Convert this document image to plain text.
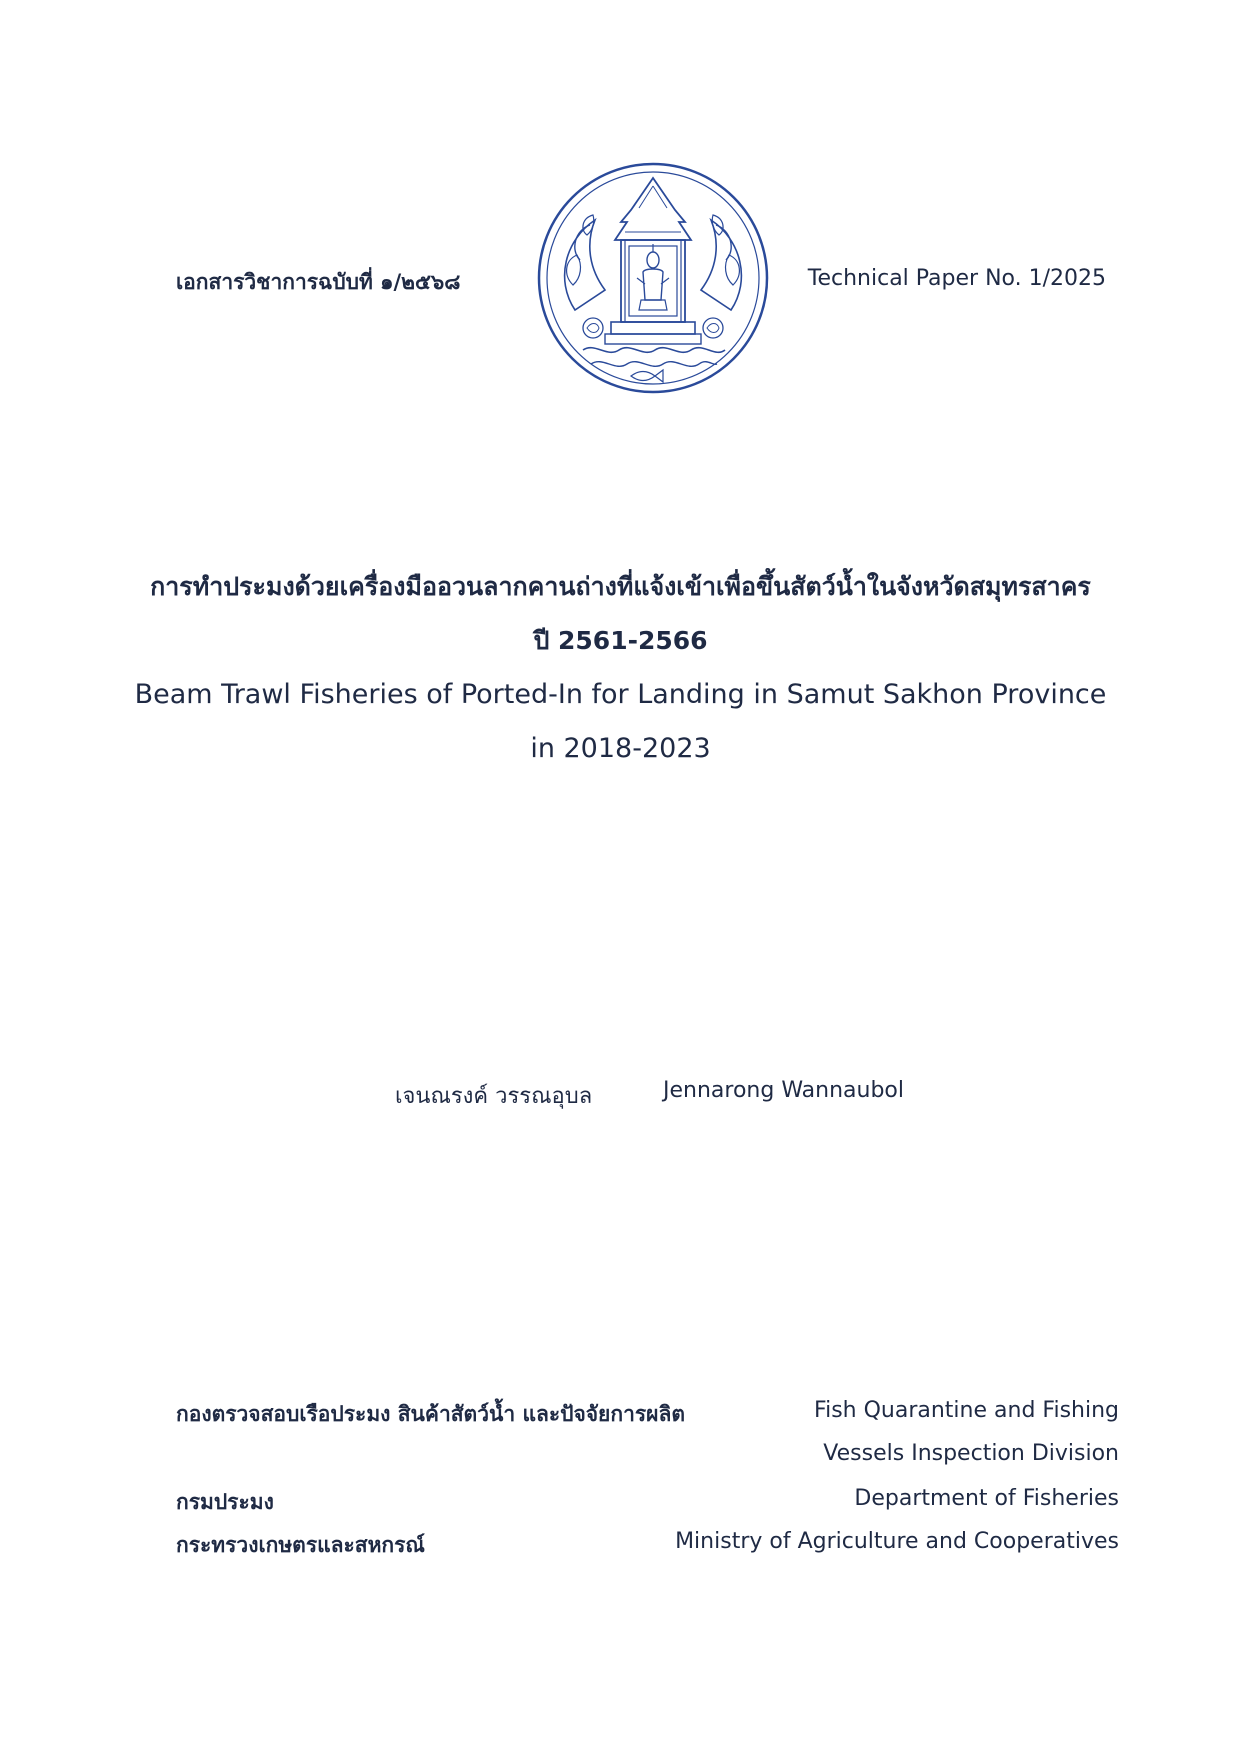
เอกสารวิชาการฉบับที่ ๑/๒๕๖๘	Technical Paper No. 1/2025
การทำประมงด้วยเครื่องมืออวนลากคานถ่างที่แจ้งเข้าเพื่อขึ้นสัตว์น้ำในจังหวัดสมุทรสาคร
ปี 2561-2566
Beam Trawl Fisheries of Ported-In for Landing in Samut Sakhon Province
in 2018-2023
เจนณรงค์ วรรณอุบล	Jennarong Wannaubol
กองตรวจสอบเรือประมง สินค้าสัตว์น้ำ และปัจจัยการผลิต	Fish Quarantine and Fishing
Vessels Inspection Division
กรมประมง	Department of Fisheries
กระทรวงเกษตรและสหกรณ์	Ministry of Agriculture and Cooperatives
